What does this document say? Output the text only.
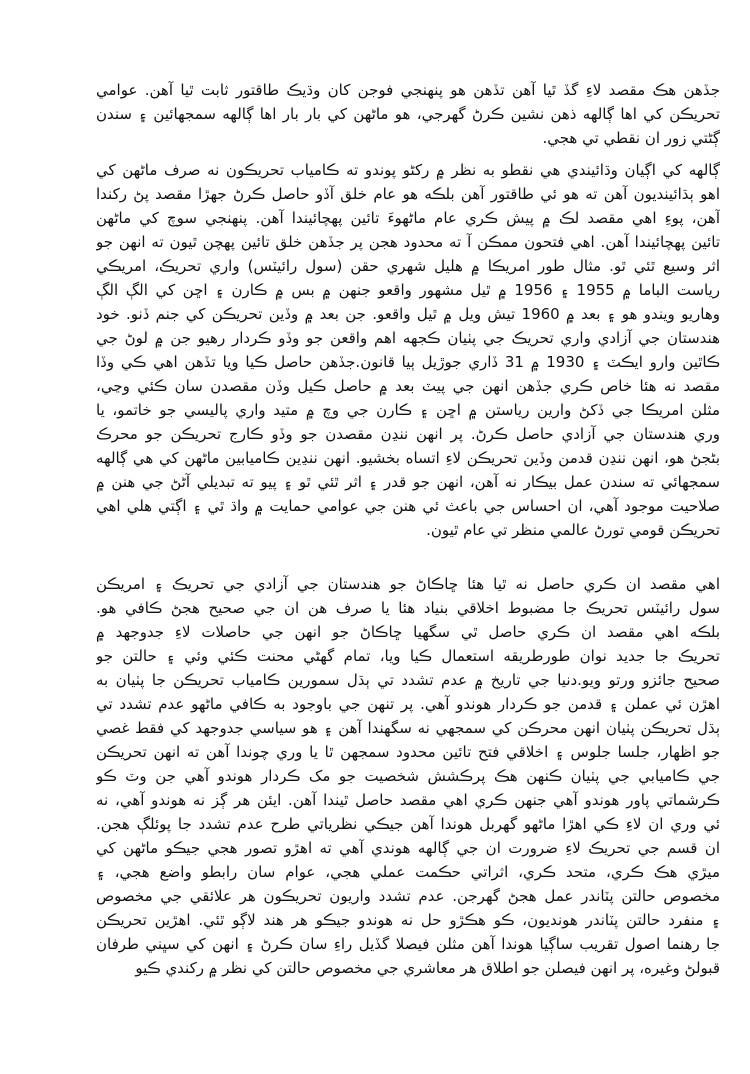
جڏهن هڪ مقصد لاءِ گڏ ٿيا آهن تڏهن هو پنهنجي فوجن کان وڌيڪ طاقتور ثابت ٿيا آهن. عوامي
تحريڪن کي اها ڳالهه ذهن نشين ڪرڻ گهرجي، هو ماڻهن کي بار بار اها ڳالهه سمجهائين ۽ سندن
ڳڻتي زور ان نقطي تي هجي.
ڳالهه کي اڳيان وڌائيندي هي نقطو به نظر ۾ رکڻو پوندو ته ڪامياب تحريڪون نه صرف ماڻهن کي
اهو ٻڌائينديون آهن ته هو ئي طاقتور آهن بلڪه هو عام خلق آڏو حاصل ڪرڻ جهڙا مقصد پڻ رکندا
آهن، پوءِ اهي مقصد لڪ ۾ پيش ڪري عام ماڻهوءَ تائين پهچائيندا آهن. پنهنجي سوچ کي ماڻهن
تائين پهچائيندا آهن. اهي فتحون ممڪن آ ته محدود هجن پر جڏهن خلق تائين پهچن ٿيون ته انهن جو
اثر وسيع ٿئي ٿو. مثال طور امريڪا ۾ هليل شهري حقن (سول رائيٽس) واري تحريڪ، امريڪي
رياست الباما ۾ 1955 ۽ 1956 ۾ ٿيل مشهور واقعو جنهن ۾ بس ۾ ڪارن ۽ اڇن کي الڳ الڳ
وهاريو ويندو هو ۽ بعد ۾ 1960 تيش ويل ۾ ٿيل واقعو. جن بعد ۾ وڏين تحريڪن کي جنم ڏنو. خود
هندستان جي آزادي واري تحريڪ جي پٺيان ڪجهه اهم واقعن جو وڏو ڪردار رهيو جن ۾ لوڻ جي
ڪاٿين وارو ايڪٽ ۽ 1930 ۾ 31 ڏاري جوڙيل ٻيا قانون.جڏهن حاصل ڪيا ويا تڏهن اهي ڪي وڏا
مقصد نه هئا خاص ڪري جڏهن انهن جي پيٽ بعد ۾ حاصل ڪيل وڏن مقصدن سان ڪئي وڃي،
مثلن امريڪا جي ڏکڻ وارين رياستن ۾ اڇن ۽ ڪارن جي وچ ۾ متيد واري پاليسي جو خاتمو، يا
وري هندستان جي آزادي حاصل ڪرڻ. پر انهن ننڍن مقصدن جو وڏو ڪارج تحريڪن جو محرڪ
بڻجڻ هو، انهن ننڍن قدمن وڏين تحريڪن لاءِ اتساه بخشيو. انهن ننڍين ڪاميابين ماڻهن کي هي ڳالهه
سمجهائي ته سندن عمل بيڪار نه آهن، انهن جو قدر ۽ اثر ٿئي ٿو ۽ پيو ته تبديلي آڻڻ جي هنن ۾
صلاحيت موجود آهي، ان احساس جي باعث ئي هنن جي عوامي حمايت ۾ واڌ ٿي ۽ اڳتي هلي اهي
تحريڪن قومي تورڻ عالمي منظر تي عام ٿيون.
اهي مقصد ان ڪري حاصل نه ٿيا هئا ڇاڪاڻ جو هندستان جي آزادي جي تحريڪ ۽ امريڪن
سول رائيٽس تحريڪ جا مضبوط اخلاقي بنياد هئا يا صرف هن ان جي صحيح هجڻ ڪافي هو.
بلڪه اهي مقصد ان ڪري حاصل ٿي سگهيا ڇاڪاڻ جو انهن جي حاصلات لاءِ جدوجهد ۾
تحريڪ جا جديد نوان طورطريقه استعمال ڪيا ويا، تمام گهڻي محنت ڪئي وئي ۽ حالتن جو
صحيح جائزو ورتو ويو.دنيا جي تاريخ ۾ عدم تشدد تي ٻڌل سمورين ڪامياب تحريڪن جا پٺيان به
اهڙن ئي عملن ۽ قدمن جو ڪردار هوندو آهي. پر تنهن جي باوجود به ڪافي ماڻهو عدم تشدد تي
ٻڌل تحريڪن پٺيان انهن محرڪن کي سمجهي نه سگهندا آهن ۽ هو سياسي جدوجهد کي فقط غصي
جو اظهار، جلسا جلوس ۽ اخلاقي فتح تائين محدود سمجهن ٿا يا وري چوندا آهن ته انهن تحريڪن
جي ڪاميابي جي پٺيان ڪنهن هڪ پرڪشش شخصيت جو مک ڪردار هوندو آهي جن وٽ ڪو
ڪرشماتي پاور هوندو آهي جنهن ڪري اهي مقصد حاصل ٿيندا آهن. ايئن هر ڳز نه هوندو آهي، نه
ئي وري ان لاءِ ڪي اهڙا ماڻهو گهربل هوندا آهن جيڪي نظرياتي طرح عدم تشدد جا پوئلڳ هجن.
ان قسم جي تحريڪ لاءِ ضرورت ان جي ڳالهه هوندي آهي ته اهڙو تصور هجي جيڪو ماڻهن کي
ميڙي هڪ ڪري، متحد ڪري، اثراتي حڪمت عملي هجي، عوام سان رابطو واضع هجي، ۽
مخصوص حالتن پٽاندر عمل هجڻ گهرجن. عدم تشدد واريون تحريڪون هر علائقي جي مخصوص
۽ منفرد حالتن پٽاندر هونديون، ڪو هڪڙو حل نه هوندو جيڪو هر هند لاڳو ٿئي. اهڙين تحريڪن
جا رهنما اصول تقريب ساڳيا هوندا آهن مثلن فيصلا گڏيل راءِ سان ڪرڻ ۽ انهن کي سڀني طرفان
قبولڻ وغيره، پر انهن فيصلن جو اطلاق هر معاشري جي مخصوص حالتن کي نظر ۾ رکندي ڪيو
